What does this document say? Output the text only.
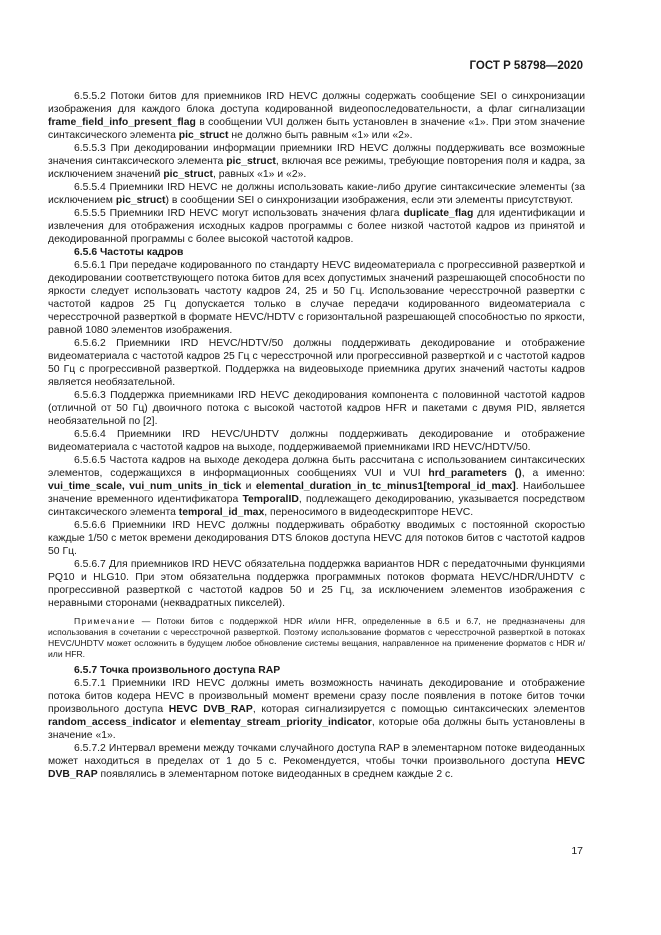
ГОСТ Р 58798—2020

6.5.5.2 Потоки битов для приемников IRD HEVC должны содержать сообщение SEI о синхронизации изображения для каждого блока доступа кодированной видеопоследовательности, а флаг сигнализации frame_field_info_present_flag в сообщении VUI должен быть установлен в значение «1». При этом значение синтаксического элемента pic_struct не должно быть равным «1» или «2».

6.5.5.3 При декодировании информации приемники IRD HEVC должны поддерживать все возможные значения синтаксического элемента pic_struct, включая все режимы, требующие повторения поля и кадра, за исключением значений pic_struct, равных «1» и «2».

6.5.5.4 Приемники IRD HEVC не должны использовать какие-либо другие синтаксические элементы (за исключением pic_struct) в сообщении SEI о синхронизации изображения, если эти элементы присутствуют.

6.5.5.5 Приемники IRD HEVC могут использовать значения флага duplicate_flag для идентификации и извлечения для отображения исходных кадров программы с более низкой частотой кадров из принятой и декодированной программы с более высокой частотой кадров.

6.5.6 Частоты кадров

6.5.6.1 При передаче кодированного по стандарту HEVC видеоматериала с прогрессивной разверткой и декодировании соответствующего потока битов для всех допустимых значений разрешающей способности по яркости следует использовать частоту кадров 24, 25 и 50 Гц. Использование чересстрочной развертки с частотой кадров 25 Гц допускается только в случае передачи кодированного видеоматериала с чересстрочной разверткой в формате HEVC/HDTV с горизонтальной разрешающей способностью по яркости, равной 1080 элементов изображения.

6.5.6.2 Приемники IRD HEVC/HDTV/50 должны поддерживать декодирование и отображение видеоматериала с частотой кадров 25 Гц с чересстрочной или прогрессивной разверткой и с частотой кадров 50 Гц с прогрессивной разверткой. Поддержка на видеовыходе приемника других значений частоты кадров является необязательной.

6.5.6.3 Поддержка приемниками IRD HEVC декодирования компонента с половинной частотой кадров (отличной от 50 Гц) двоичного потока с высокой частотой кадров HFR и пакетами с двумя PID, является необязательной по [2].

6.5.6.4 Приемники IRD HEVC/UHDTV должны поддерживать декодирование и отображение видеоматериала с частотой кадров на выходе, поддерживаемой приемниками IRD HEVC/HDTV/50.

6.5.6.5 Частота кадров на выходе декодера должна быть рассчитана с использованием синтаксических элементов, содержащихся в информационных сообщениях VUI и VUI hrd_parameters (), а именно: vui_time_scale, vui_num_units_in_tick и elemental_duration_in_tc_minus1[temporal_id_max]. Наибольшее значение временного идентификатора TemporalID, подлежащего декодированию, указывается посредством синтаксического элемента temporal_id_max, переносимого в видеодескрипторе HEVC.

6.5.6.6 Приемники IRD HEVC должны поддерживать обработку вводимых с постоянной скоростью каждые 1/50 с меток времени декодирования DTS блоков доступа HEVC для потоков битов с частотой кадров 50 Гц.

6.5.6.7 Для приемников IRD HEVC обязательна поддержка вариантов HDR с передаточными функциями PQ10 и HLG10. При этом обязательна поддержка программных потоков формата HEVC/HDR/UHDTV с прогрессивной разверткой с частотой кадров 50 и 25 Гц, за исключением элементов изображения с неравными сторонами (неквадратных пикселей).

Примечание — Потоки битов с поддержкой HDR и/или HFR, определенные в 6.5 и 6.7, не предназначены для использования в сочетании с чересстрочной разверткой. Поэтому использование форматов с чересстрочной разверткой в потоках HEVC/UHDTV может осложнить в будущем любое обновление системы вещания, направленное на применение форматов с HDR и/или HFR.

6.5.7 Точка произвольного доступа RAP

6.5.7.1 Приемники IRD HEVC должны иметь возможность начинать декодирование и отображение потока битов кодера HEVC в произвольный момент времени сразу после появления в потоке битов точки произвольного доступа HEVC DVB_RAP, которая сигнализируется с помощью синтаксических элементов random_access_indicator и elementay_stream_priority_indicator, которые оба должны быть установлены в значение «1».

6.5.7.2 Интервал времени между точками случайного доступа RAP в элементарном потоке видеоданных может находиться в пределах от 1 до 5 с. Рекомендуется, чтобы точки произвольного доступа HEVC DVB_RAP появлялись в элементарном потоке видеоданных в среднем каждые 2 с.

17
